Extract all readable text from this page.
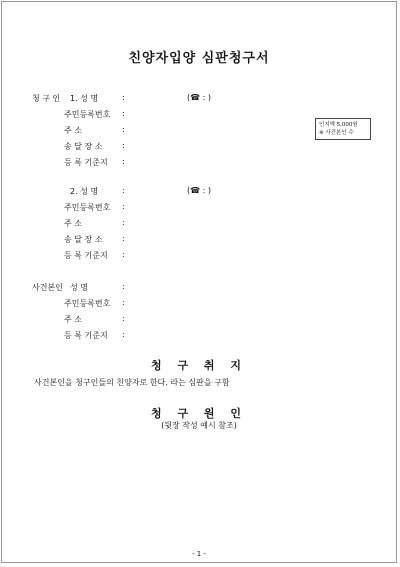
친양자입양 심판청구서
청 구 인 1. 성 명	:	(☎ : )
주민등록번호 :
주 소	:
송 달 장 소 :
등 록 기준지 :
인지액 5,000원
※ 사건본인 수
2. 성 명	:	(☎ : )
주민등록번호 :
주 소	:
송 달 장 소 :
등 록 기준지 :
사건본인 성 명	:
주민등록번호 :
주 소	:
등 록 기준지 :
청 구 취 지
사건본인을 청구인들의 친양자로 한다. 라는 심판을 구함
청 구 원 인
(뒷장 작성 예시 참조)
- 1 -
